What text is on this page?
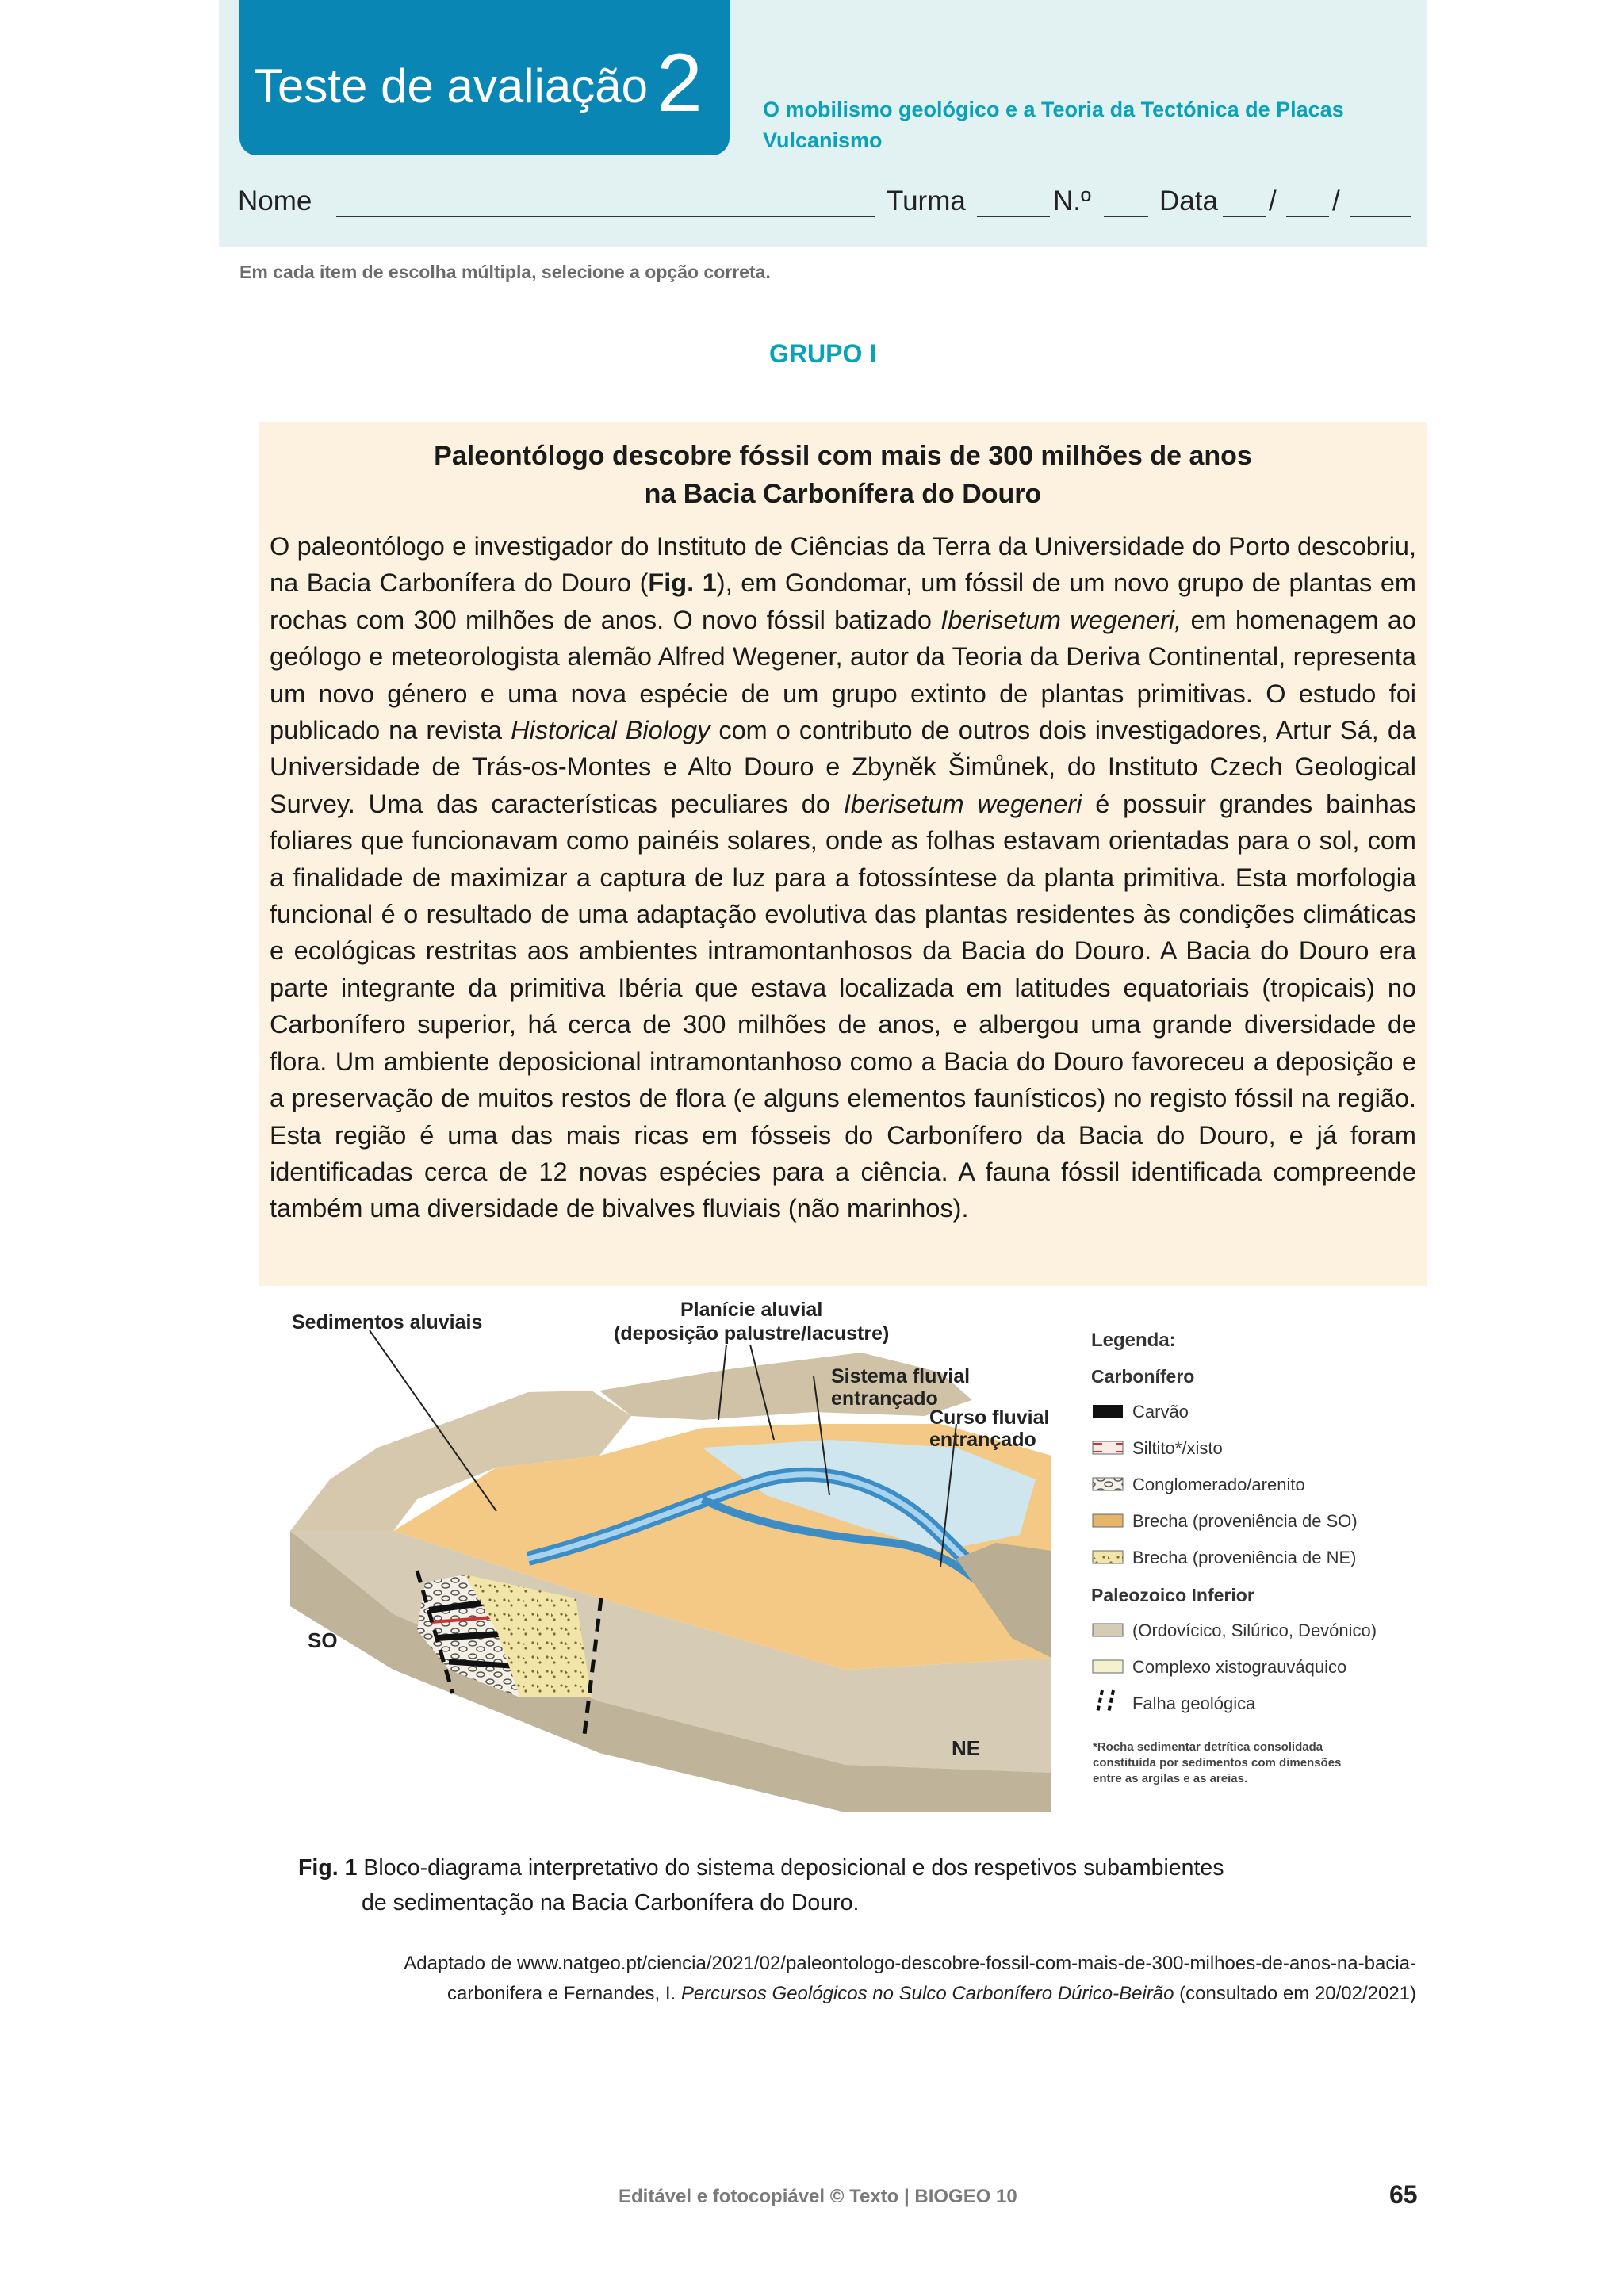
Teste de avaliação 2	O mobilismo geológico e a Teoria da Tectónica de Placas
Vulcanismo
Nome	Turma	N.º Data / /
Em cada item de escolha múltipla, selecione a opção correta.
GRUPO I
Paleontólogo descobre fóssil com mais de 300 milhões de anos
na Bacia Carbonífera do Douro

O paleontólogo e investigador do Instituto de Ciências da Terra da Universidade do Porto descobriu, na Bacia Carbonífera do Douro (Fig. 1), em Gondomar, um fóssil de um novo grupo de plantas em rochas com 300 milhões de anos. O novo fóssil batizado Iberisetum wegeneri, em homenagem ao geólogo e meteorologista alemão Alfred Wegener, autor da Teoria da Deriva Continental, representa um novo género e uma nova espécie de um grupo extinto de plantas primitivas. O estudo foi publicado na revista Historical Biology com o contributo de outros dois investigadores, Artur Sá, da Universidade de Trás-os-Montes e Alto Douro e Zbyněk Šimůnek, do Instituto Czech Geological Survey. Uma das características peculiares do Iberisetum wegeneri é possuir grandes bainhas foliares que funcionavam como painéis solares, onde as folhas estavam orientadas para o sol, com a finalidade de maximizar a captura de luz para a fotossíntese da planta primitiva. Esta morfologia funcional é o resultado de uma adaptação evolutiva das plantas residentes às condições climáticas e ecológicas restritas aos ambientes intramontanhosos da Bacia do Douro. A Bacia do Douro era parte integrante da primitiva Ibéria que estava localizada em latitudes equatoriais (tropicais) no Carbonífero superior, há cerca de 300 milhões de anos, e albergou uma grande diversidade de flora. Um ambiente deposicional intramontanhoso como a Bacia do Douro favoreceu a deposição e a preservação de muitos restos de flora (e alguns elementos faunísticos) no registo fóssil na região. Esta região é uma das mais ricas em fósseis do Carbonífero da Bacia do Douro, e já foram identificadas cerca de 12 novas espécies para a ciência. A fauna fóssil identificada compreende também uma diversidade de bivalves fluviais (não marinhos).

Sedimentos aluviais
Planície aluvial
(deposição palustre/lacustre)
Sistema fluvial
entrançado
Curso fluvial
entrançado
SO
NE
Legenda:
Carbonífero
Carvão
Siltito*/xisto
Conglomerado/arenito
Brecha (proveniência de SO)
Brecha (proveniência de NE)
Paleozoico Inferior
(Ordovícico, Silúrico, Devónico)
Complexo xistograuváquico
Falha geológica
*Rocha sedimentar detrítica consolidada
constituída por sedimentos com dimensões
entre as argilas e as areias.
Fig. 1 Bloco-diagrama interpretativo do sistema deposicional e dos respetivos subambientes
de sedimentação na Bacia Carbonífera do Douro.
Adaptado de www.natgeo.pt/ciencia/2021/02/paleontologo-descobre-fossil-com-mais-de-300-milhoes-de-anos-na-bacia-
carbonifera e Fernandes, I. Percursos Geológicos no Sulco Carbonífero Dúrico-Beirão (consultado em 20/02/2021)
Editável e fotocopiável © Texto | BIOGEO 10	65
